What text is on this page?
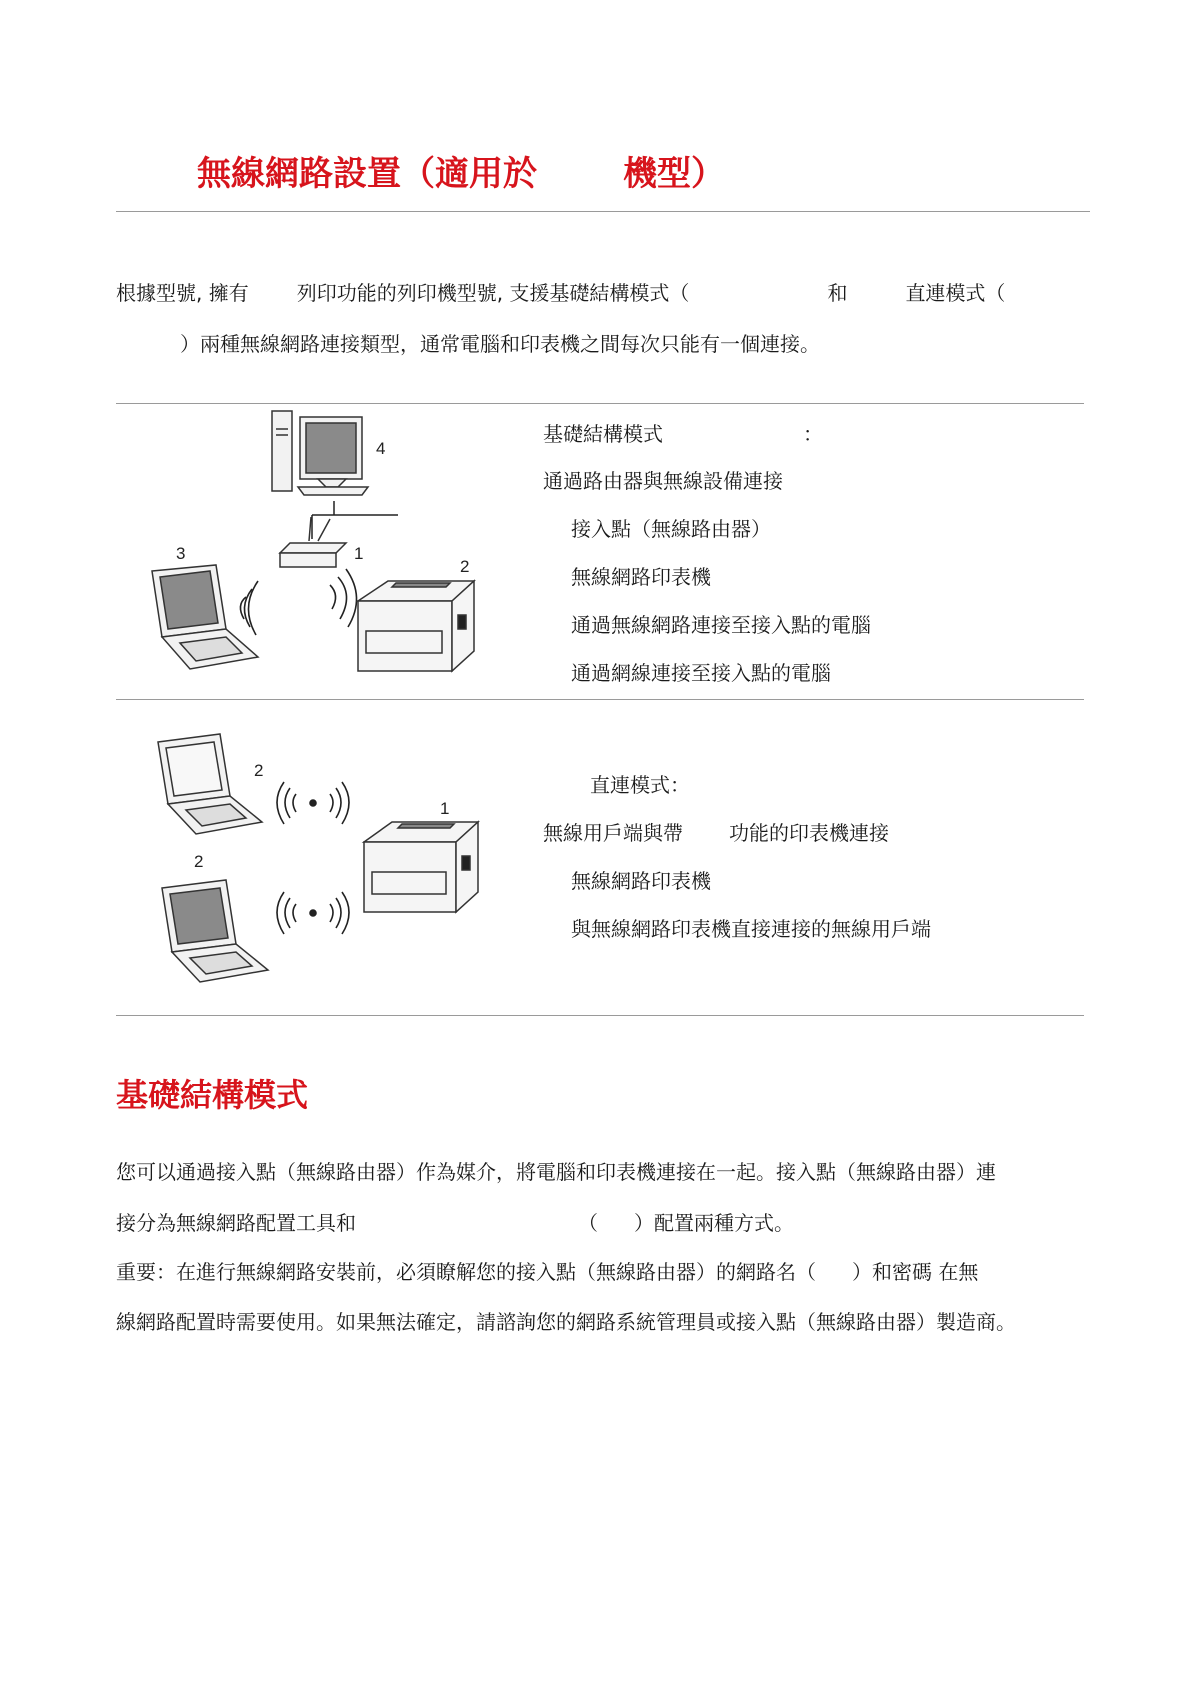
無線網路設置（適用於	機型）
根據型號, 擁有 列印功能的列印機型號, 支援基礎結構模式（	和	直連模式（
）兩種無線網路連接類型，通常電腦和印表機之間每次只能有一個連接。
4
1
3
2
基礎結構模式	：
通過路由器與無線設備連接
接入點（無線路由器）
無線網路印表機
通過無線網路連接至接入點的電腦
通過網線連接至接入點的電腦
2
2
1
直連模式：
無線用戶端與帶 功能的印表機連接
無線網路印表機
與無線網路印表機直接連接的無線用戶端
基礎結構模式
您可以通過接入點（無線路由器）作為媒介，將電腦和印表機連接在一起。接入點（無線路由器）連
接分為無線網路配置工具和	（ ）配置兩種方式。
重要：在進行無線網路安裝前，必須瞭解您的接入點（無線路由器）的網路名（ ）和密碼 在無
線網路配置時需要使用。如果無法確定，請諮詢您的網路系統管理員或接入點（無線路由器）製造商。
